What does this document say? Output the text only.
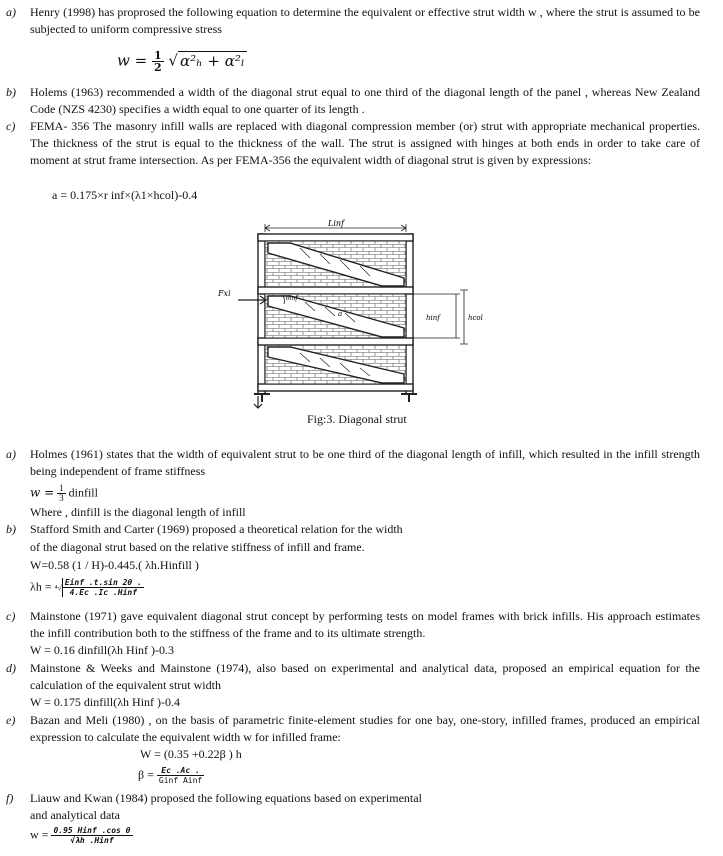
a) Henry (1998) has proprosed the following equation to determine the equivalent or effective strut width w , where the strut is assumed to be subjected to uniform compressive stress
$w = \frac{1}{2}$ √ α²ₕ + α²ₗ
b) Holems (1963) recommended a width of the diagonal strut equal to one third of the diagonal length of the panel , whereas New Zealand Code (NZS 4230) specifies a width equal to one quarter of its length .
c) FEMA- 356 The masonry infill walls are replaced with diagonal compression member (or) strut with appropriate mechanical properties. The thickness of the strut is equal to the thickness of the wall. The strut is assigned with hinges at both ends in order to take care of moment at strut frame intersection. As per FEMA-356 the equivalent width of diagonal strut is given by expressions:
a = 0.175×r inf×(λ1×hcol)-0.4
Linf
Fxi
hinf	hcol
θinf
a
Fig:3. Diagonal strut
a) Holmes (1961) states that the width of equivalent strut to be one third of the diagonal length of infill, which resulted in the infill strength being independent of frame stiffness
$w = \frac{1}{3}$ dinfill
Where , dinfill is the diagonal length of infill
b) Stafford Smith and Carter (1969) proposed a theoretical relation for the width
of the diagonal strut based on the relative stiffness of infill and frame.
W=0.58 (1 / H)-0.445.( λh.Hinfill )
$\lambda h = ^4√ \frac{\text{Einf .t.sin 2θ .}}{\text{4.Ec .Ic .Hinf}}$
c) Mainstone (1971) gave equivalent diagonal strut concept by performing tests on model frames with brick infills. His approach estimates the infill contribution both to the stiffness of the frame and to its ultimate strength.
W = 0.16 dinfill(λh Hinf )-0.3
d) Mainstone & Weeks and Mainstone (1974), also based on experimental and analytical data, proposed an empirical equation for the calculation of the equivalent strut width
W = 0.175 dinfill(λh Hinf )-0.4
e) Bazan and Meli (1980) , on the basis of parametric finite-element studies for one bay, one-story, infilled frames, produced an empirical expression to calculate the equivalent width w for infilled frame:
W = (0.35 +0.22β ) h
$\beta = \frac{Ec .Ac .}{\text{Ginf Ainf}}$
f) Liauw and Kwan (1984) proposed the following equations based on experimental
and analytical data
$w = \frac{\text{0.95 Hinf .cos θ}}{\text{√λh .Hinf}}$
